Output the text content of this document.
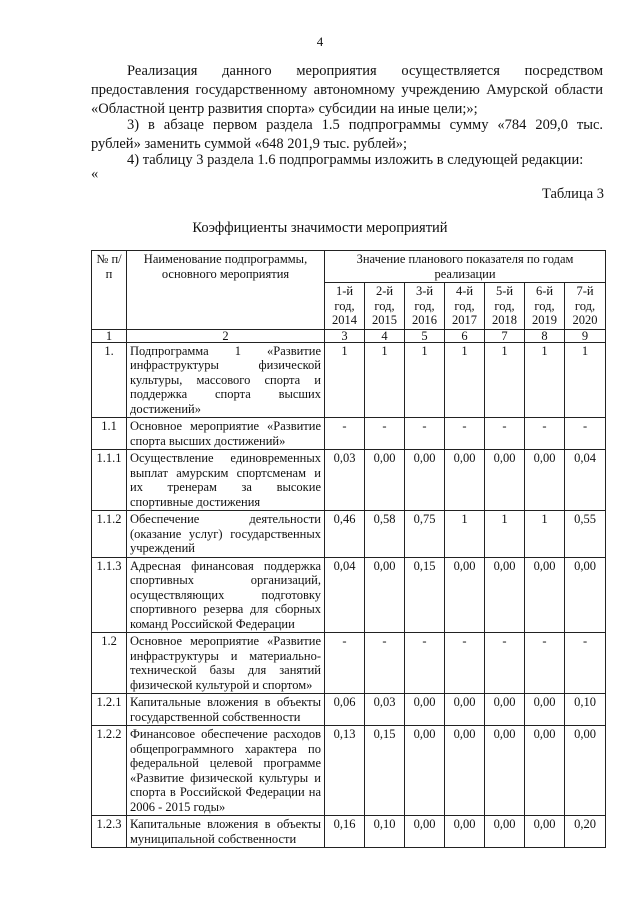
4
Реализация данного мероприятия осуществляется посредством предоставления государственному автономному учреждению Амурской области «Областной центр развития спорта» субсидии на иные цели;»;
3) в абзаце первом раздела 1.5 подпрограммы сумму «784 209,0 тыс. рублей» заменить суммой «648 201,9 тыс. рублей»;
4) таблицу 3 раздела 1.6 подпрограммы изложить в следующей редакции:
«
Таблица 3
Коэффициенты значимости мероприятий
№ п/п	Наименование подпрограммы, основного мероприятия	Значение планового показателя по годам реализации						
		1-й год, 2014	2-й год, 2015	3-й год, 2016	4-й год, 2017	5-й год, 2018	6-й год, 2019	7-й год, 2020
1	2	3	4	5	6	7	8	9
1.	Подпрограмма 1 «Развитие инфраструктуры физической культуры, массового спорта и поддержка спорта высших достижений»	1	1	1	1	1	1	1
1.1	Основное мероприятие «Развитие спорта высших достижений»	-	-	-	-	-	-	-
1.1.1	Осуществление единовременных выплат амурским спортсменам и их тренерам за высокие спортивные достижения	0,03	0,00	0,00	0,00	0,00	0,00	0,04
1.1.2	Обеспечение деятельности (оказание услуг) государственных учреждений	0,46	0,58	0,75	1	1	1	0,55
1.1.3	Адресная финансовая поддержка спортивных организаций, осуществляющих подготовку спортивного резерва для сборных команд Российской Федерации	0,04	0,00	0,15	0,00	0,00	0,00	0,00
1.2	Основное мероприятие «Развитие инфраструктуры и материально-технической базы для занятий физической культурой и спортом»	-	-	-	-	-	-	-
1.2.1	Капитальные вложения в объекты государственной собственности	0,06	0,03	0,00	0,00	0,00	0,00	0,10
1.2.2	Финансовое обеспечение расходов общепрограммного характера по федеральной целевой программе «Развитие физической культуры и спорта в Российской Федерации на 2006 - 2015 годы»	0,13	0,15	0,00	0,00	0,00	0,00	0,00
1.2.3	Капитальные вложения в объекты муниципальной собственности	0,16	0,10	0,00	0,00	0,00	0,00	0,20
